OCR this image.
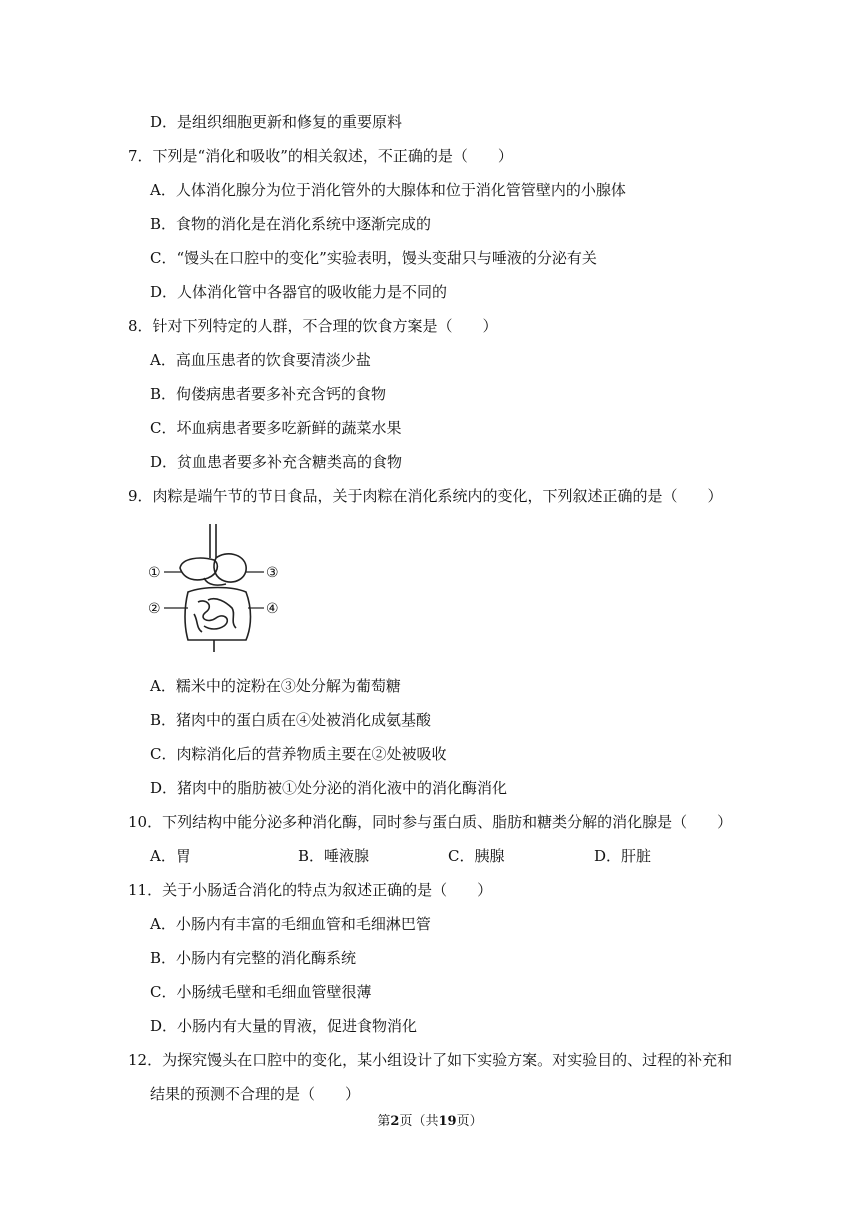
D．是组织细胞更新和修复的重要原料
7．下列是“消化和吸收”的相关叙述，不正确的是（　　）
A．人体消化腺分为位于消化管外的大腺体和位于消化管管壁内的小腺体
B．食物的消化是在消化系统中逐渐完成的
C．“馒头在口腔中的变化”实验表明，馒头变甜只与唾液的分泌有关
D．人体消化管中各器官的吸收能力是不同的
8．针对下列特定的人群，不合理的饮食方案是（　　）
A．高血压患者的饮食要清淡少盐
B．佝偻病患者要多补充含钙的食物
C．坏血病患者要多吃新鲜的蔬菜水果
D．贫血患者要多补充含糖类高的食物
9．肉粽是端午节的节日食品，关于肉粽在消化系统内的变化，下列叙述正确的是（　　）
①
②
③
④
A．糯米中的淀粉在③处分解为葡萄糖
B．猪肉中的蛋白质在④处被消化成氨基酸
C．肉粽消化后的营养物质主要在②处被吸收
D．猪肉中的脂肪被①处分泌的消化液中的消化酶消化
10．下列结构中能分泌多种消化酶，同时参与蛋白质、脂肪和糖类分解的消化腺是（　　）
A．胃	B．唾液腺	C．胰腺	D．肝脏
11．关于小肠适合消化的特点为叙述正确的是（　　）
A．小肠内有丰富的毛细血管和毛细淋巴管
B．小肠内有完整的消化酶系统
C．小肠绒毛壁和毛细血管壁很薄
D．小肠内有大量的胃液，促进食物消化
12．为探究馒头在口腔中的变化，某小组设计了如下实验方案。对实验目的、过程的补充和
结果的预测不合理的是（　　）
第2页（共19页）
